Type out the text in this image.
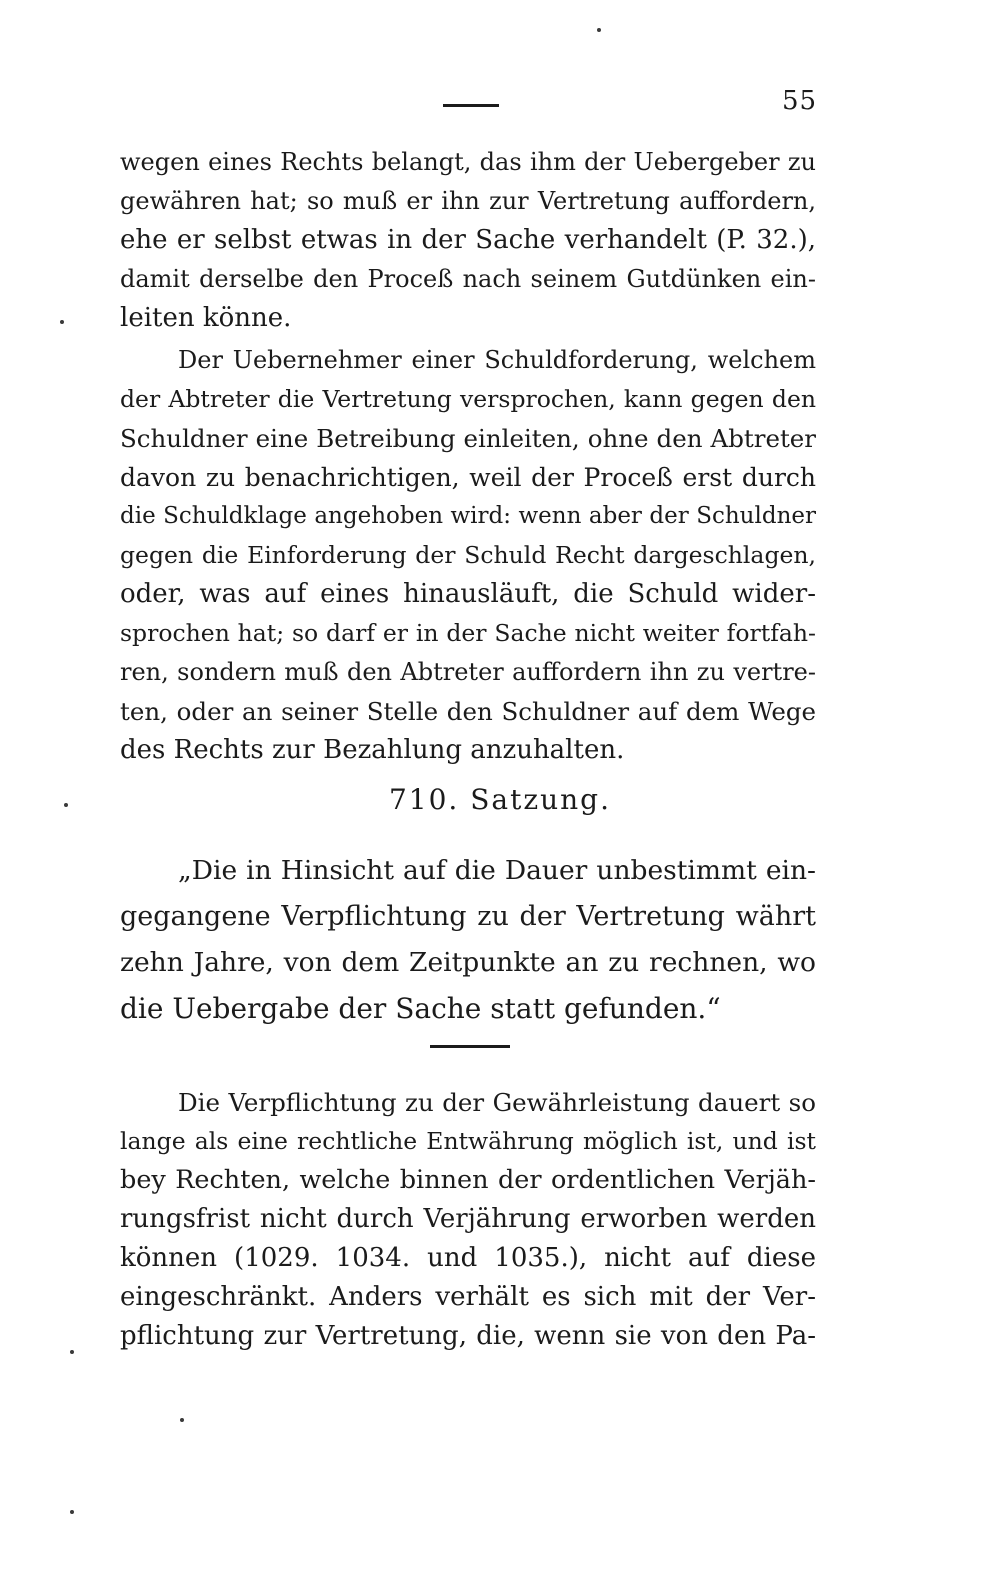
55
wegen eines Rechts belangt, das ihm der Uebergeber zu
gewähren hat; so muß er ihn zur Vertretung auffordern,
ehe er selbst etwas in der Sache verhandelt (P. 32.),
damit derselbe den Proceß nach seinem Gutdünken ein-
leiten könne.
Der Uebernehmer einer Schuldforderung, welchem
der Abtreter die Vertretung versprochen, kann gegen den
Schuldner eine Betreibung einleiten, ohne den Abtreter
davon zu benachrichtigen, weil der Proceß erst durch
die Schuldklage angehoben wird: wenn aber der Schuldner
gegen die Einforderung der Schuld Recht dargeschlagen,
oder, was auf eines hinausläuft, die Schuld wider-
sprochen hat; so darf er in der Sache nicht weiter fortfah-
ren, sondern muß den Abtreter auffordern ihn zu vertre-
ten, oder an seiner Stelle den Schuldner auf dem Wege
des Rechts zur Bezahlung anzuhalten.
710. Satzung.
„Die in Hinsicht auf die Dauer unbestimmt ein-
gegangene Verpflichtung zu der Vertretung währt
zehn Jahre, von dem Zeitpunkte an zu rechnen, wo
die Uebergabe der Sache statt gefunden.“
Die Verpflichtung zu der Gewährleistung dauert so
lange als eine rechtliche Entwährung möglich ist, und ist
bey Rechten, welche binnen der ordentlichen Verjäh-
rungsfrist nicht durch Verjährung erworben werden
können (1029. 1034. und 1035.), nicht auf diese
eingeschränkt. Anders verhält es sich mit der Ver-
pflichtung zur Vertretung, die, wenn sie von den Pa-
